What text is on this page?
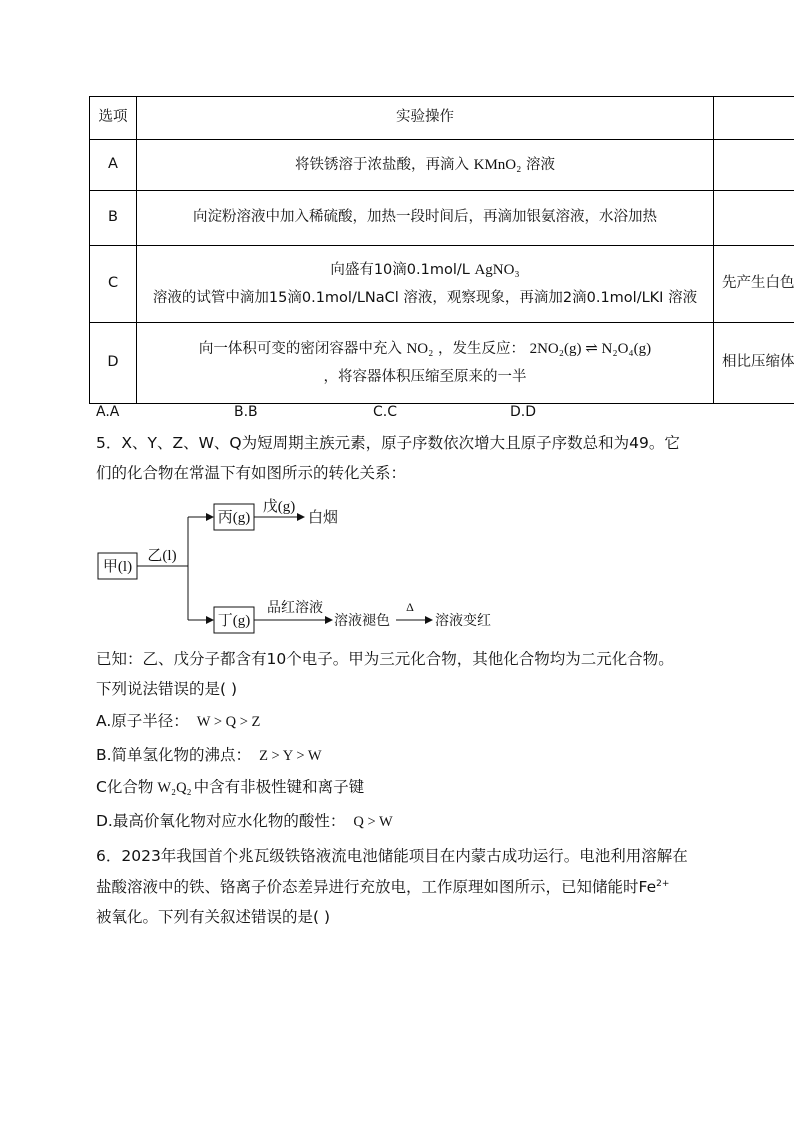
选项	实验操作	
A	将铁锈溶于浓盐酸，再滴入 KMnO₂ 溶液	
B	向淀粉溶液中加入稀硫酸，加热一段时间后，再滴加银氨溶液，水浴加热	
C	向盛有10滴0.1mol/L AgNO₃
溶液的试管中滴加15滴0.1mol/LNaCl 溶液，观察现象，再滴加2滴0.1mol/LKI 溶液	先产生白色
D	向一体积可变的密闭容器中充入 NO₂ ，发生反应： 2NO₂(g) ⇌ N₂O₄(g)
，将容器体积压缩至原来的一半	相比压缩体
A.A	B.B	C.C	D.D
5．X、Y、Z、W、Q为短周期主族元素，原子序数依次增大且原子序数总和为49。它
们的化合物在常温下有如图所示的转化关系：
甲(l)
乙(l)
丙(g)
戊(g)
白烟
丁(g)
品红溶液
溶液褪色
Δ
溶液变红
已知：乙、戊分子都含有10个电子。甲为三元化合物，其他化合物均为二元化合物。
下列说法错误的是( )
A.原子半径： W > Q > Z
B.简单氢化物的沸点： Z > Y > W
C化合物 W₂Q₂ 中含有非极性键和离子键
D.最高价氧化物对应水化物的酸性： Q > W
6．2023年我国首个兆瓦级铁铬液流电池储能项目在内蒙古成功运行。电池利用溶解在
盐酸溶液中的铁、铬离子价态差异进行充放电，工作原理如图所示，已知储能时$Fe^{2+}$
被氧化。下列有关叙述错误的是( )
